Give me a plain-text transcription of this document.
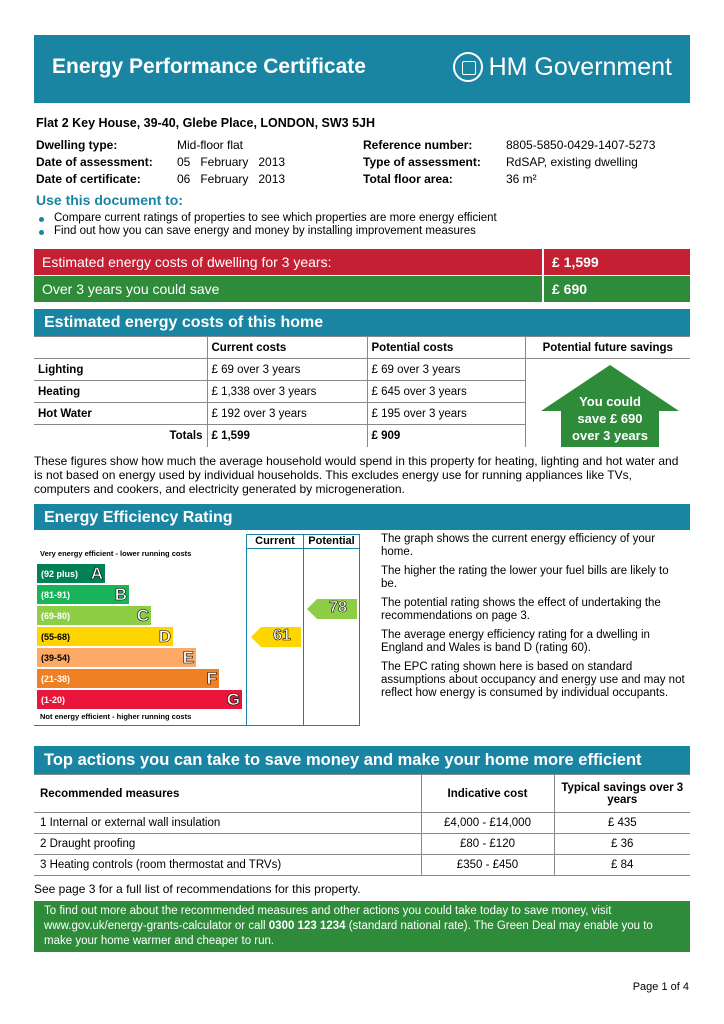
Energy Performance Certificate	HM Government
Flat 2 Key House, 39-40, Glebe Place, LONDON, SW3 5JH
Dwelling type:	Mid-floor flat
Date of assessment:	05   February   2013
Date of certificate:	06   February   2013
Reference number:	8805-5850-0429-1407-5273
Type of assessment:	RdSAP, existing dwelling
Total floor area:	36 m²
Use this document to:
Compare current ratings of properties to see which properties are more energy efficient
Find out how you can save energy and money by installing improvement measures
Estimated energy costs of dwelling for 3 years:	£ 1,599
Over 3 years you could save	£ 690
Estimated energy costs of this home
	Current costs	Potential costs	Potential future savings
Lighting	£ 69 over 3 years	£ 69 over 3 years	
Heating	£ 1,338 over 3 years	£ 645 over 3 years	
Hot Water	£ 192 over 3 years	£ 195 over 3 years	
Totals	£ 1,599	£ 909	
You could
save £ 690
over 3 years
These figures show how much the average household would spend in this property for heating, lighting and hot water and is not based on energy used by individual households. This excludes energy use for running appliances like TVs, computers and cookers, and electricity generated by microgeneration.
Energy Efficiency Rating
Current	Potential
Very energy efficient - lower running costs
Not energy efficient - higher running costs
(92 plus) A
(81-91)	B
(69-80)	C
(55-68)	D
(39-54)	E
(21-38)	F
(1-20)	G
61
78

The graph shows the current energy efficiency of your home.

The higher the rating the lower your fuel bills are likely to be.

The potential rating shows the effect of undertaking the recommendations on page 3.

The average energy efficiency rating for a dwelling in England and Wales is band D (rating 60).

The EPC rating shown here is based on standard assumptions about occupancy and energy use and may not reflect how energy is consumed by individual occupants.

Top actions you can take to save money and make your home more efficient
Recommended measures	Indicative cost	Typical savings over 3 years
1 Internal or external wall insulation	£4,000 - £14,000	£ 435
2 Draught proofing	£80 - £120	£ 36
3 Heating controls (room thermostat and TRVs)	£350 - £450	£ 84
See page 3 for a full list of recommendations for this property.
To find out more about the recommended measures and other actions you could take today to save money, visit
www.gov.uk/energy-grants-calculator or call 0300 123 1234 (standard national rate). The Green Deal may enable you to
make your home warmer and cheaper to run.
Page 1 of 4
